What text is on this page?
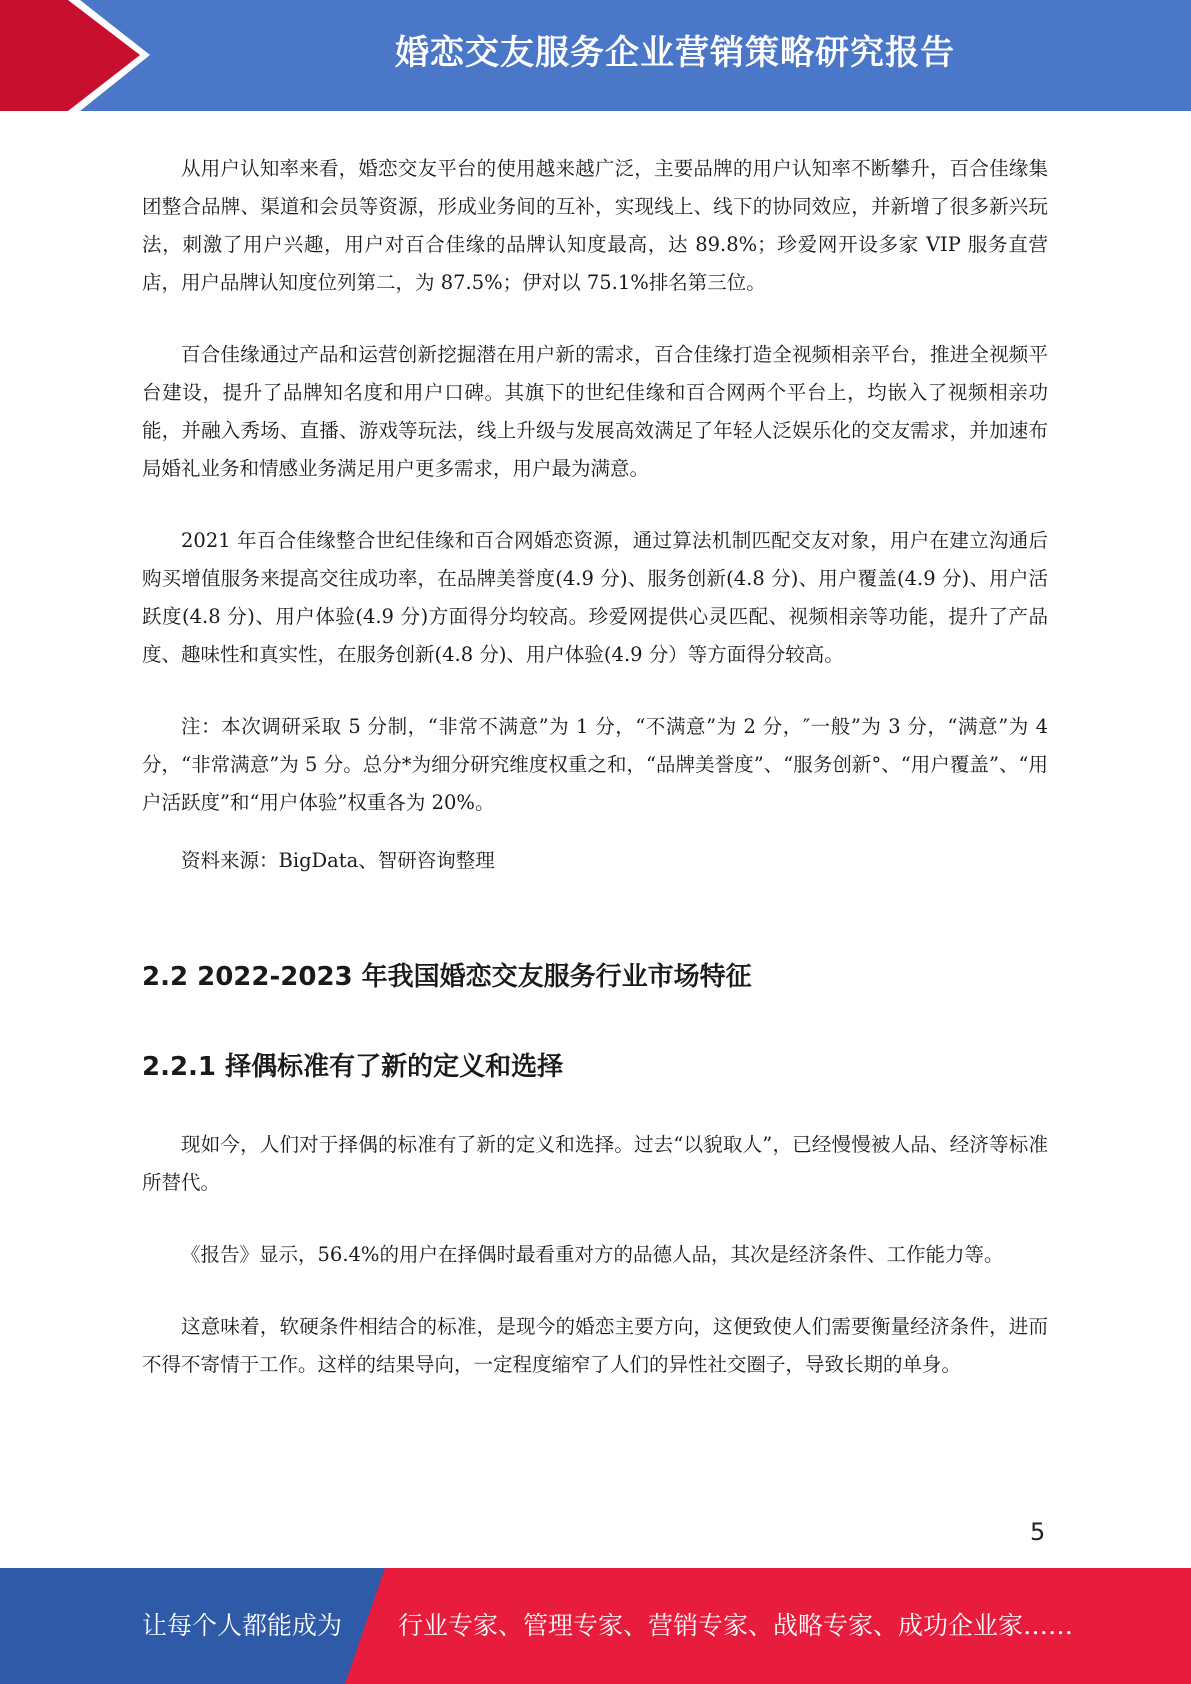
婚恋交友服务企业营销策略研究报告

从用户认知率来看，婚恋交友平台的使用越来越广泛，主要品牌的用户认知率不断攀升，百合佳缘集团整合品牌、渠道和会员等资源，形成业务间的互补，实现线上、线下的协同效应，并新增了很多新兴玩法，刺激了用户兴趣，用户对百合佳缘的品牌认知度最高，达 89.8%；珍爱网开设多家 VIP 服务直营店，用户品牌认知度位列第二，为 87.5%；伊对以 75.1%排名第三位。

百合佳缘通过产品和运营创新挖掘潜在用户新的需求，百合佳缘打造全视频相亲平台，推进全视频平台建设，提升了品牌知名度和用户口碑。其旗下的世纪佳缘和百合网两个平台上，均嵌入了视频相亲功能，并融入秀场、直播、游戏等玩法，线上升级与发展高效满足了年轻人泛娱乐化的交友需求，并加速布局婚礼业务和情感业务满足用户更多需求，用户最为满意。

2021 年百合佳缘整合世纪佳缘和百合网婚恋资源，通过算法机制匹配交友对象，用户在建立沟通后购买增值服务来提高交往成功率，在品牌美誉度(4.9 分)、服务创新(4.8 分)、用户覆盖(4.9 分)、用户活跃度(4.8 分)、用户体验(4.9 分)方面得分均较高。珍爱网提供心灵匹配、视频相亲等功能，提升了产品度、趣味性和真实性，在服务创新(4.8 分)、用户体验(4.9 分）等方面得分较高。

注：本次调研采取 5 分制，“非常不满意”为 1 分，“不满意”为 2 分，″一般”为 3 分，“满意”为 4 分，“非常满意”为 5 分。总分*为细分研究维度权重之和，“品牌美誉度”、“服务创新°、“用户覆盖”、“用户活跃度”和“用户体验”权重各为 20%。

资料来源：BigData、智研咨询整理

2.2 2022-2023 年我国婚恋交友服务行业市场特征
2.2.1 择偶标准有了新的定义和选择

现如今，人们对于择偶的标准有了新的定义和选择。过去“以貌取人”，已经慢慢被人品、经济等标准所替代。

《报告》显示，56.4%的用户在择偶时最看重对方的品德人品，其次是经济条件、工作能力等。

这意味着，软硬条件相结合的标准，是现今的婚恋主要方向，这便致使人们需要衡量经济条件，进而不得不寄情于工作。这样的结果导向，一定程度缩窄了人们的异性社交圈子，导致长期的单身。

5
让每个人都能成为 行业专家、管理专家、营销专家、战略专家、成功企业家……
